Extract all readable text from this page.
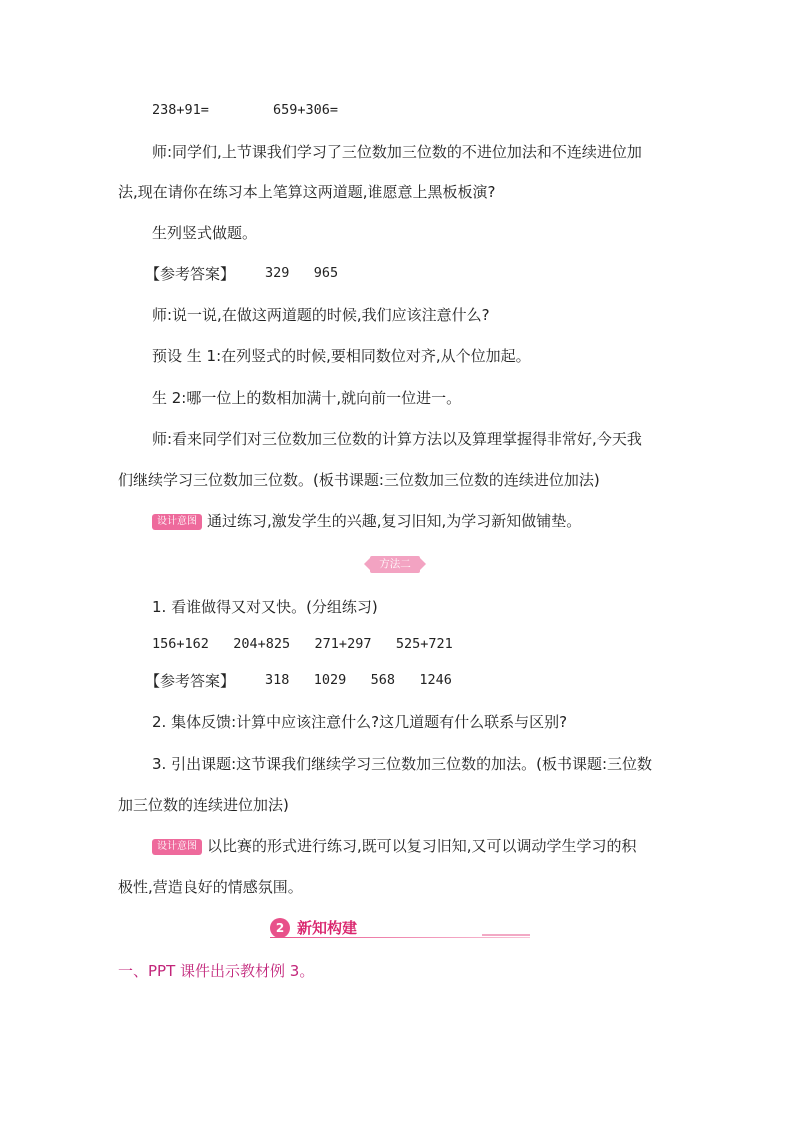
238+91=	659+306=
师:同学们,上节课我们学习了三位数加三位数的不进位加法和不连续进位加
法,现在请你在练习本上笔算这两道题,谁愿意上黑板板演?
生列竖式做题。
【参考答案】 329   965
师:说一说,在做这两道题的时候,我们应该注意什么?
预设 生 1:在列竖式的时候,要相同数位对齐,从个位加起。
生 2:哪一位上的数相加满十,就向前一位进一。
师:看来同学们对三位数加三位数的计算方法以及算理掌握得非常好,今天我
们继续学习三位数加三位数。(板书课题:三位数加三位数的连续进位加法)
设计意图 通过练习,激发学生的兴趣,复习旧知,为学习新知做铺垫。
方法二
1. 看谁做得又对又快。(分组练习)
156+162   204+825   271+297   525+721
【参考答案】 318   1029   568   1246
2. 集体反馈:计算中应该注意什么?这几道题有什么联系与区别?
3. 引出课题:这节课我们继续学习三位数加三位数的加法。(板书课题:三位数
加三位数的连续进位加法)
设计意图 以比赛的形式进行练习,既可以复习旧知,又可以调动学生学习的积
极性,营造良好的情感氛围。
2 新知构建
一、PPT 课件出示教材例 3。
